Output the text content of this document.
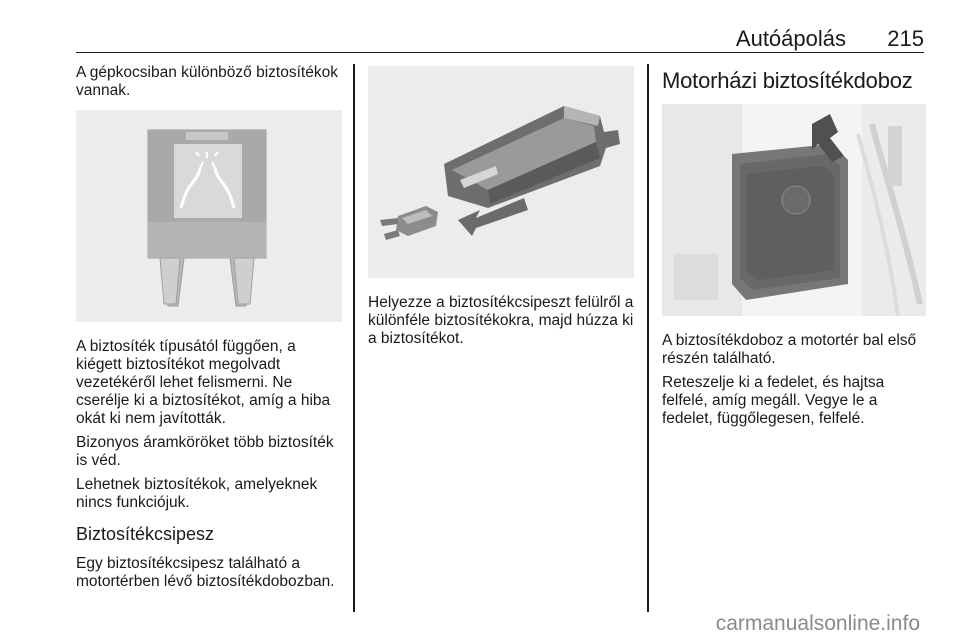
Autóápolás 215

A gépkocsiban különböző biztosítékok vannak.

A biztosíték típusától függően, a kiégett biztosítékot megolvadt vezetékéről lehet felismerni. Ne cserélje ki a biztosítékot, amíg a hiba okát ki nem javították.

Bizonyos áramköröket több biztosíték is véd.

Lehetnek biztosítékok, amelyeknek nincs funkciójuk.

Biztosítékcsipesz

Egy biztosítékcsipesz található a motortérben lévő biztosítékdobozban.

Helyezze a biztosítékcsipeszt felülről a különféle biztosítékokra, majd húzza ki a biztosítékot.

Motorházi biztosítékdoboz

A biztosítékdoboz a motortér bal első részén található.

Reteszelje ki a fedelet, és hajtsa felfelé, amíg megáll. Vegye le a fedelet, függőlegesen, felfelé.

carmanualsonline.info
